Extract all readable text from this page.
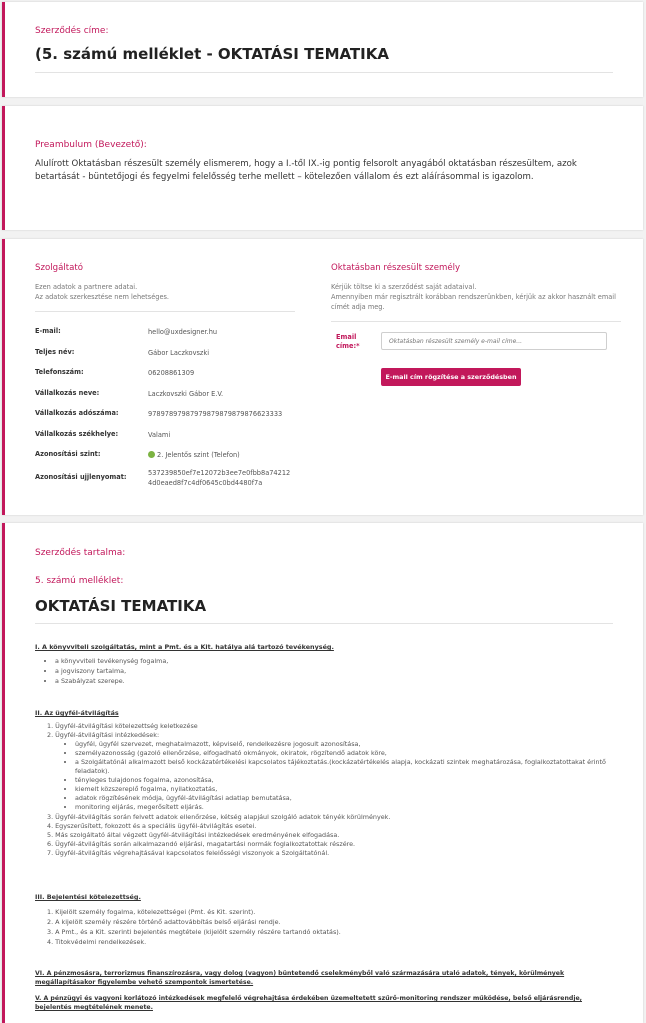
Szerződés címe:
(5. számú melléklet - OKTATÁSI TEMATIKA
Preambulum (Bevezető):
Alulírott Oktatásban részesült személy elismerem, hogy a I.-től IX.-ig pontig felsorolt anyagából oktatásban részesültem, azok betartását - büntetőjogi és fegyelmi felelősség terhe mellett – kötelezően vállalom és ezt aláírásommal is igazolom.
Szolgáltató
Ezen adatok a partnere adatai.
Az adatok szerkesztése nem lehetséges.
E-mail:	hello@uxdesigner.hu
Teljes név:	Gábor Laczkovszki
Telefonszám:	06208861309
Vállalkozás neve:	Laczkovszki Gábor E.V.
Vállalkozás adószáma:	97897897987979879879879876623333
Vállalkozás székhelye:	Valami
Azonosítási szint:	2. Jelentős szint (Telefon)
Azonosítási ujjlenyomat:	537239850ef7e12072b3ee7e0fbb8a742124d0eaed8f7c4df0645c0bd4480f7a
Oktatásban részesült személy
Kérjük töltse ki a szerződést saját adataival.
Amennyiben már regisztrált korábban rendszerünkben, kérjük az akkor használt email címét adja meg.
Email címe:*
Oktatásban részesült személy e-mail címe...
E-mail cím rögzítése a szerződésben
Szerződés tartalma:
5. számú melléklet:
OKTATÁSI TEMATIKA
I. A könyvviteli szolgáltatás, mint a Pmt. és a Kit. hatálya alá tartozó tevékenység.
• a könyvviteli tevékenység fogalma,
• a jogviszony tartalma,
• a Szabályzat szerepe.
II. Az ügyfél-átvilágítás
1. Ügyfél-átvilágítási kötelezettség keletkezése
2. Ügyfél-átvilágítási intézkedések:
• ügyfél, ügyfél szervezet, meghatalmazott, képviselő, rendelkezésre jogosult azonosítása,
• személyazonosság (gazoló ellenőrzése, elfogadható okmányok, okiratok, rögzítendő adatok köre,
• a Szolgáltatónál alkalmazott belső kockázatértékelési kapcsolatos tájékoztatás.(kockázatértékelés alapja, kockázati szintek meghatározása, foglalkoztatottakat érintő
feladatok).
• tényleges tulajdonos fogalma, azonosítása,
• kiemelt közszereplő fogalma, nyilatkoztatás,
• adatok rögzítésének módja, ügyfél-átvilágítási adatlap bemutatása,
• monitoring eljárás, megerősített eljárás.
3. Ügyfél-átvilágítás során felvett adatok ellenőrzése, kétség alapjául szolgáló adatok tényék körülmények.
4. Egyszerűsített, fokozott és a speciális ügyfél-átvilágítás esetei.
5. Más szolgáltató által végzett ügyfél-átvilágítási intézkedések eredményének elfogadása.
6. Ügyfél-átvilágítás során alkalmazandó eljárási, magatartási normák foglalkoztatottak részére.
7. Ügyfél-átvilágítás végrehajtásával kapcsolatos felelősségi viszonyok a Szolgáltatónál.
III. Bejelentési kötelezettség.
1. Kijelölt személy fogalma, kötelezettségei (Pmt. és Kit. szerint).
2. A kijelölt személy részére történő adattovábbítás belső eljárási rendje.
3. A Pmt., és a Kit. szerinti bejelentés megtétele (kijelölt személy részére tartandó oktatás).
4. Titokvédelmi rendelkezések.
VI. A pénzmosásra, terrorizmus finanszírozásra, vagy dolog (vagyon) büntetendő cselekményből való származására utaló adatok, tények, körülmények
megállapításakor figyelembe vehető szempontok ismertetése.
V. A pénzügyi és vagyoni korlátozó intézkedések megfelelő végrehajtása érdekében üzemeltetett szűrő-monitoring rendszer működése, belső eljárásrendje,
bejelentés megtételének menete.
